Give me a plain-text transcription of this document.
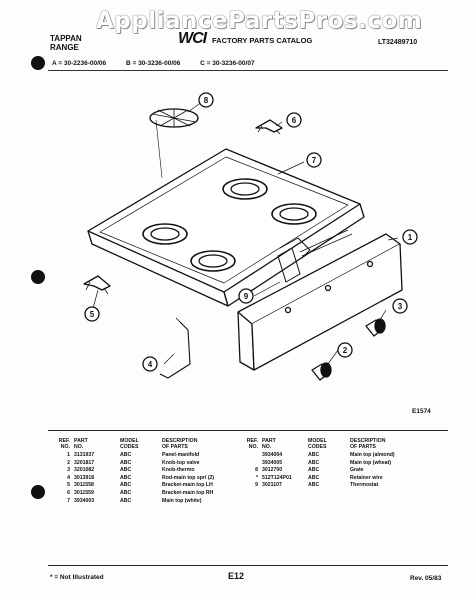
AppliancePartsPros.com
TAPPAN
RANGE
WCI FACTORY PARTS CATALOG	LT32489710
A = 30-2236-00/06	B = 30-3236-00/06	C = 30-3236-00/07
1
2
3
4
5
6
7
8
9
E1574
REF.
NO.
PART
NO.
MODEL
CODES
DESCRIPTION
OF PARTS
1 3131937	ABC	Panel-manifold
2 3201817	ABC	Knob-top valve
3 3201082	ABC	Knob-thermo
4 3013918	ABC	Rod-main top spri (2)
5 3011558	ABC	Bracket-main top LH
6 3011559	ABC	Bracket-main top RH
7 3934003	ABC	Main top (white)
REF.
NO.
PART
NO.
MODEL
CODES
DESCRIPTION
OF PARTS
3934004	ABC	Main top (almond)
3934005	ABC	Main top (wheat)
8 3012700	ABC	Grate
* 512T124P01	ABC	Retainer wire
9 3021107	ABC	Thermostat
* = Not Illustrated	E12	Rev. 05/83
